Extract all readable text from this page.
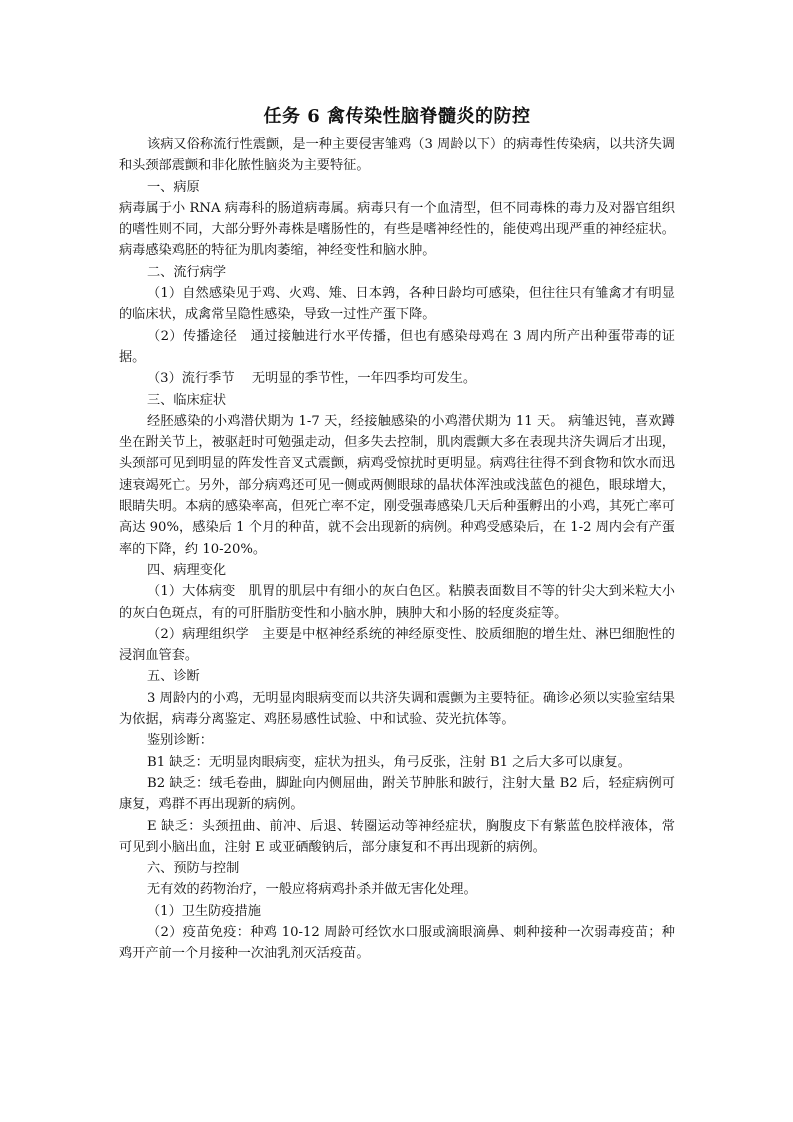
任务 6 禽传染性脑脊髓炎的防控

该病又俗称流行性震颤，是一种主要侵害雏鸡（3 周龄以下）的病毒性传染病，以共济失调和头颈部震颤和非化脓性脑炎为主要特征。

一、病原

病毒属于小 RNA 病毒科的肠道病毒属。病毒只有一个血清型，但不同毒株的毒力及对器官组织的嗜性则不同，大部分野外毒株是嗜肠性的，有些是嗜神经性的，能使鸡出现严重的神经症状。病毒感染鸡胚的特征为肌肉萎缩，神经变性和脑水肿。

二、流行病学

（1）自然感染见于鸡、火鸡、雉、日本鹑，各种日龄均可感染，但往往只有雏禽才有明显的临床状，成禽常呈隐性感染，导致一过性产蛋下降。

（2）传播途径　通过接触进行水平传播，但也有感染母鸡在 3 周内所产出种蛋带毒的证据。

（3）流行季节　 无明显的季节性，一年四季均可发生。

三、临床症状

经胚感染的小鸡潜伏期为 1-7 天，经接触感染的小鸡潜伏期为 11 天。 病雏迟钝，喜欢蹲坐在跗关节上，被驱赶时可勉强走动，但多失去控制，肌肉震颤大多在表现共济失调后才出现，头颈部可见到明显的阵发性音叉式震颤，病鸡受惊扰时更明显。病鸡往往得不到食物和饮水而迅速衰竭死亡。另外，部分病鸡还可见一侧或两侧眼球的晶状体浑浊或浅蓝色的褪色，眼球增大，眼睛失明。本病的感染率高，但死亡率不定，刚受强毒感染几天后种蛋孵出的小鸡，其死亡率可高达 90%，感染后 1 个月的种苗，就不会出现新的病例。种鸡受感染后，在 1-2 周内会有产蛋率的下降，约 10-20%。

四、病理变化

（1）大体病变　肌胃的肌层中有细小的灰白色区。粘膜表面数目不等的针尖大到米粒大小的灰白色斑点，有的可肝脂肪变性和小脑水肿，胰肿大和小肠的轻度炎症等。

（2）病理组织学　主要是中枢神经系统的神经原变性、胶质细胞的增生灶、淋巴细胞性的浸润血管套。

五、诊断

3 周龄内的小鸡，无明显肉眼病变而以共济失调和震颤为主要特征。确诊必须以实验室结果为依据，病毒分离鉴定、鸡胚易感性试验、中和试验、荧光抗体等。

鉴别诊断：

B1 缺乏：无明显肉眼病变，症状为扭头，角弓反张，注射 B1 之后大多可以康复。

B2 缺乏：绒毛卷曲，脚趾向内侧屈曲，跗关节肿胀和跛行，注射大量 B2 后，轻症病例可康复，鸡群不再出现新的病例。

E 缺乏：头颈扭曲、前冲、后退、转圈运动等神经症状，胸腹皮下有紫蓝色胶样液体，常可见到小脑出血，注射 E 或亚硒酸钠后，部分康复和不再出现新的病例。

六、预防与控制

无有效的药物治疗，一般应将病鸡扑杀并做无害化处理。

（1）卫生防疫措施

（2）疫苗免疫：种鸡 10-12 周龄可经饮水口服或滴眼滴鼻、刺种接种一次弱毒疫苗；种鸡开产前一个月接种一次油乳剂灭活疫苗。
